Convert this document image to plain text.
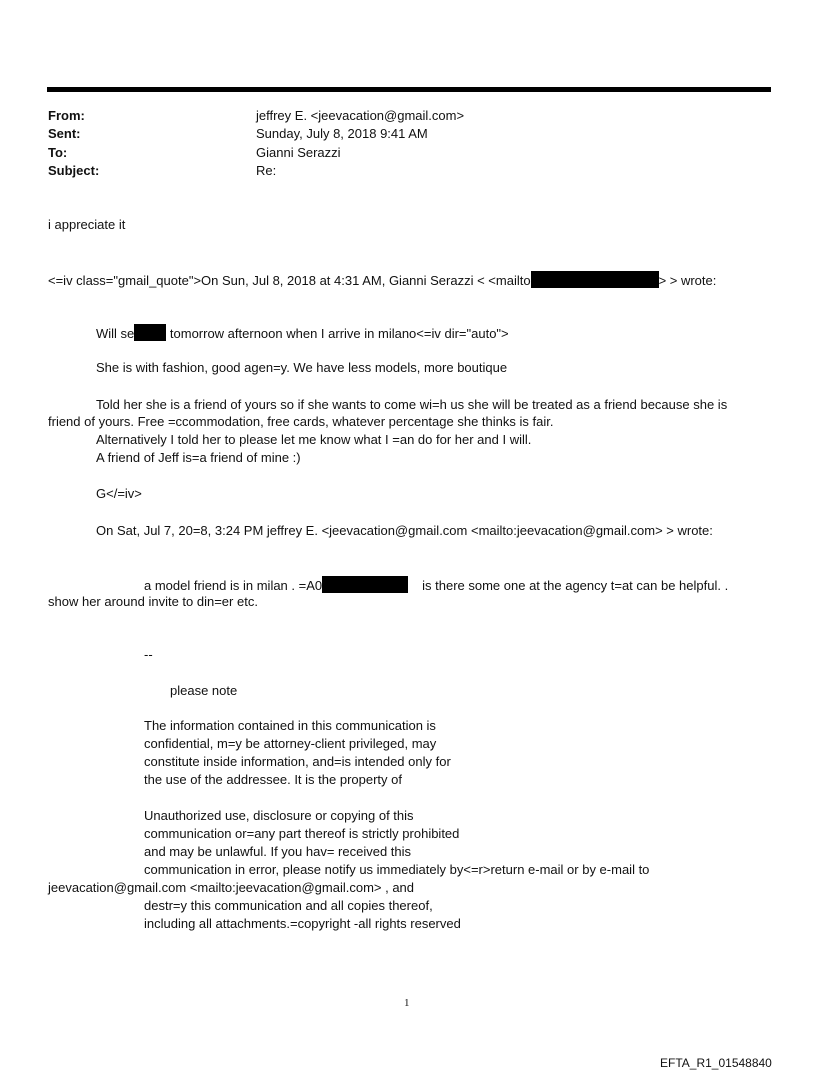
From:	jeffrey E. <jeevacation@gmail.com>
Sent:	Sunday, July 8, 2018 9:41 AM
To:	Gianni Serazzi
Subject:	Re:
i appreciate it
<=iv class="gmail_quote">On Sun, Jul 8, 2018 at 4:31 AM, Gianni Serazzi < <mailto	> > wrote:
Will se tomorrow afternoon when I arrive in milano<=iv dir="auto">
She is with fashion, good agen=y. We have less models, more boutique
Told her she is a friend of yours so if she wants to come wi=h us she will be treated as a friend because she is
friend of yours. Free =ccommodation, free cards, whatever percentage she thinks is fair.
Alternatively I told her to please let me know what I =an do for her and I will.
A friend of Jeff is=a friend of mine :)
G</=iv>
On Sat, Jul 7, 20=8, 3:24 PM jeffrey E. <jeevacation@gmail.com <mailto:jeevacation@gmail.com> > wrote:
a model friend is in milan . =A0	is there some one at the agency t=at can be helpful. .
show her around invite to din=er etc.
--
please note
The information contained in this communication is
confidential, m=y be attorney-client privileged, may
constitute inside information, and=is intended only for
the use of the addressee. It is the property of
Unauthorized use, disclosure or copying of this
communication or=any part thereof is strictly prohibited
and may be unlawful. If you hav= received this
communication in error, please notify us immediately by<=r>return e-mail or by e-mail to
jeevacation@gmail.com <mailto:jeevacation@gmail.com> , and
destr=y this communication and all copies thereof,
including all attachments.=copyright -all rights reserved
1
EFTA_R1_01548840
